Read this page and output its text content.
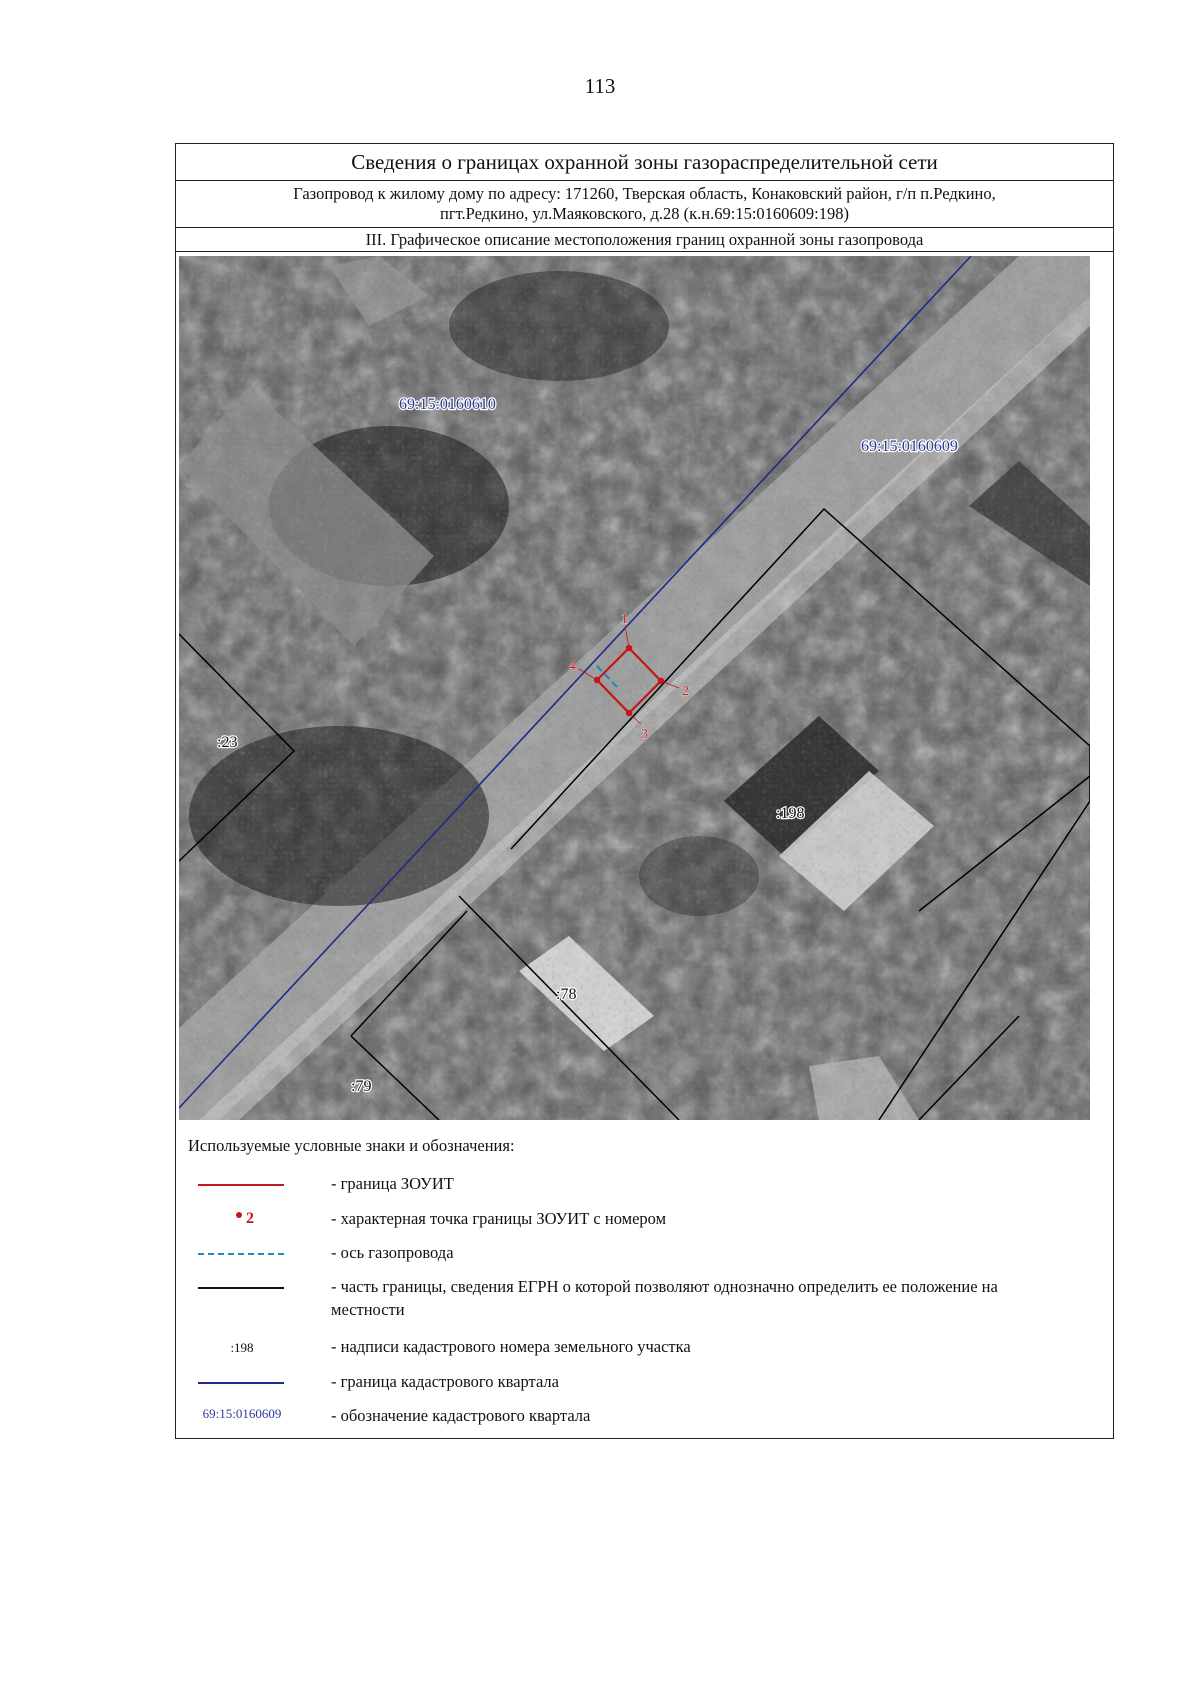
113
Сведения о границах охранной зоны газораспределительной сети
Газопровод к жилому дому по адресу: 171260, Тверская область, Конаковский район, г/п п.Редкино,
пгт.Редкино, ул.Маяковского, д.28 (к.н.69:15:0160609:198)
III. Графическое описание местоположения границ охранной зоны газопровода
1
2
3
4
69:15:0160610
69:15:0160609
:23
:198
:78
:79
Используемые условные знаки и обозначения:
- граница ЗОУИТ
2	- характерная точка границы ЗОУИТ с номером
- ось газопровода
- часть границы, сведения ЕГРН о которой позволяют однозначно определить ее положение на местности
:198	- надписи кадастрового номера земельного участка
- граница кадастрового квартала
69:15:0160609	- обозначение кадастрового квартала
